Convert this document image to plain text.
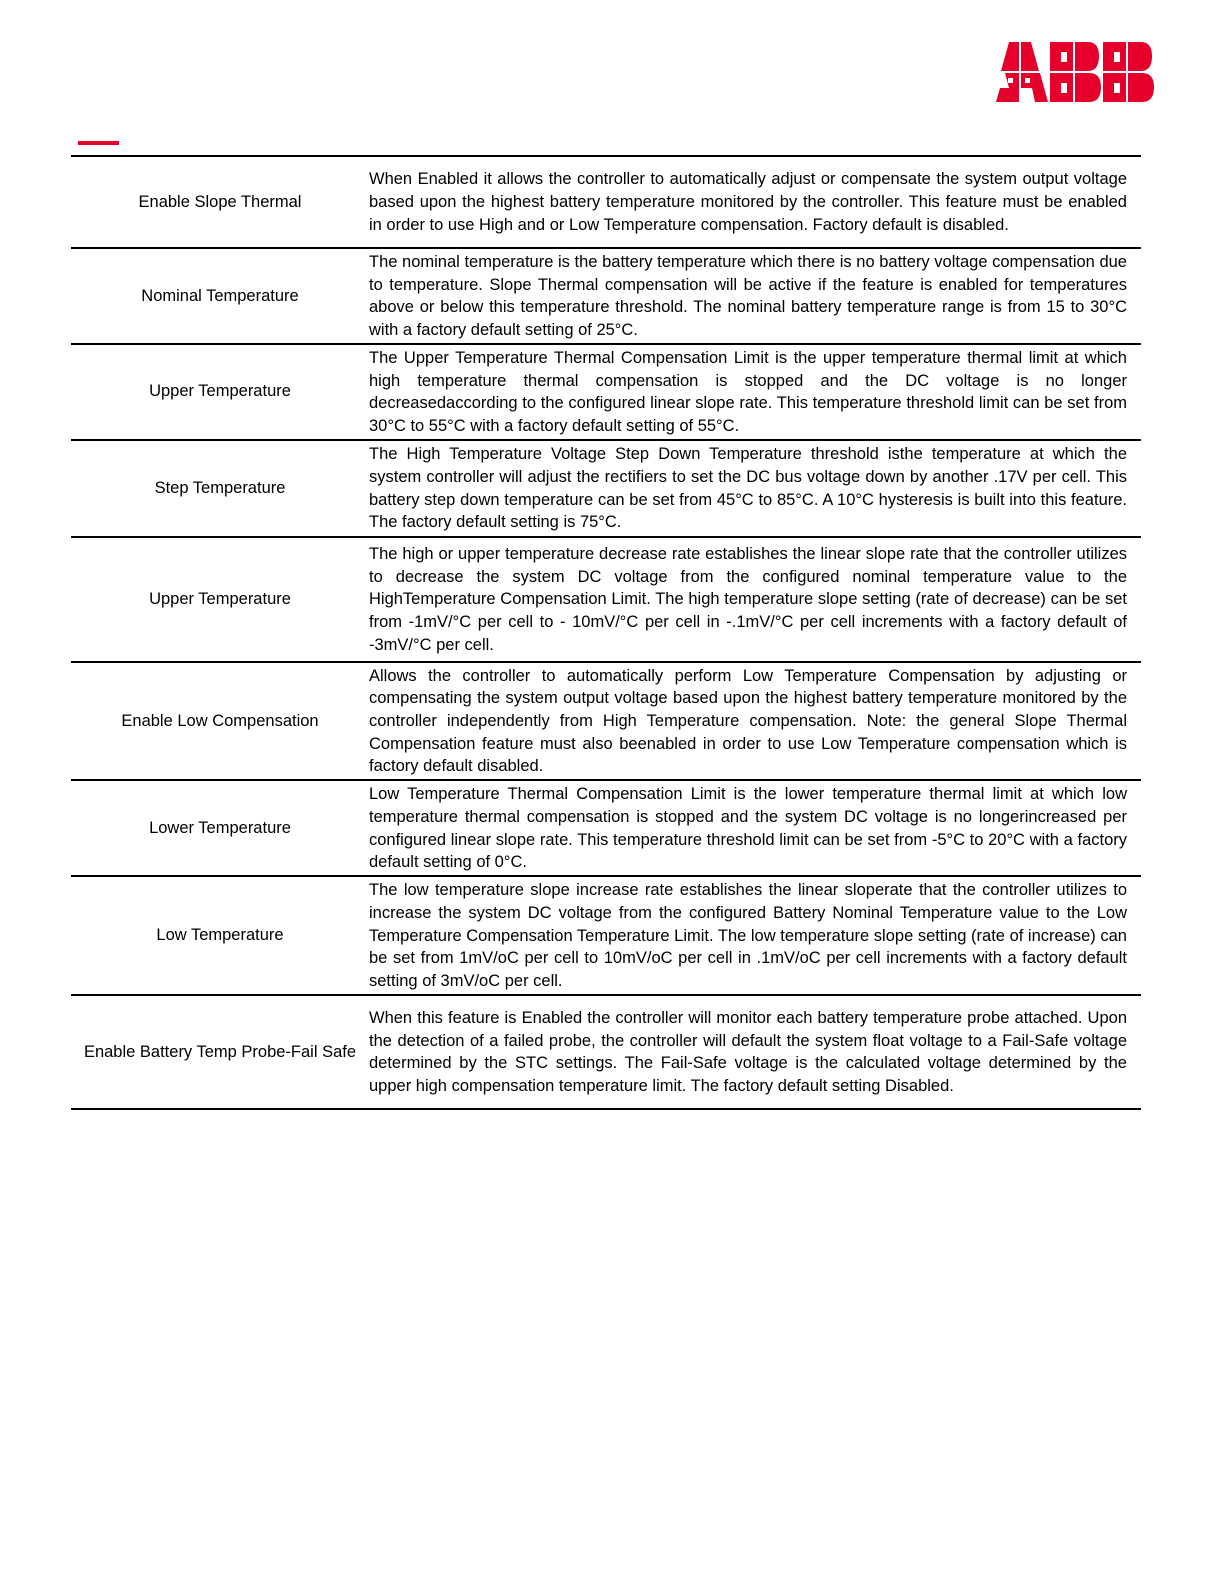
Enable Slope Thermal	When Enabled it allows the controller to automatically adjust or compensate the system output voltage based upon the highest battery temperature monitored by the controller. This feature must be enabled in order to use High and or Low Temperature compensation. Factory default is disabled.
Nominal Temperature	The nominal temperature is the battery temperature which there is no battery voltage compensation due to temperature. Slope Thermal compensation will be active if the feature is enabled for temperatures above or below this temperature threshold. The nominal battery temperature range is from 15 to 30°C with a factory default setting of 25°C.
Upper Temperature	The Upper Temperature Thermal Compensation Limit is the upper temperature thermal limit at which high temperature thermal compensation is stopped and the DC voltage is no longer decreasedaccording to the configured linear slope rate. This temperature threshold limit can be set from 30°C to 55°C with a factory default setting of 55°C.
Step Temperature	The High Temperature Voltage Step Down Temperature threshold isthe temperature at which the system controller will adjust the rectifiers to set the DC bus voltage down by another .17V per cell. This battery step down temperature can be set from 45°C to 85°C. A 10°C hysteresis is built into this feature. The factory default setting is 75°C.
Upper Temperature	The high or upper temperature decrease rate establishes the linear slope rate that the controller utilizes to decrease the system DC voltage from the configured nominal temperature value to the HighTemperature Compensation Limit. The high temperature slope setting (rate of decrease) can be set from -1mV/°C per cell to - 10mV/°C per cell in -.1mV/°C per cell increments with a factory default of -3mV/°C per cell.
Enable Low Compensation	Allows the controller to automatically perform Low Temperature Compensation by adjusting or compensating the system output voltage based upon the highest battery temperature monitored by the controller independently from High Temperature compensation. Note: the general Slope Thermal Compensation feature must also beenabled in order to use Low Temperature compensation which is factory default disabled.
Lower Temperature	Low Temperature Thermal Compensation Limit is the lower temperature thermal limit at which low temperature thermal compensation is stopped and the system DC voltage is no longerincreased per configured linear slope rate. This temperature threshold limit can be set from -5°C to 20°C with a factory default setting of 0°C.
Low Temperature	The low temperature slope increase rate establishes the linear sloperate that the controller utilizes to increase the system DC voltage from the configured Battery Nominal Temperature value to the Low Temperature Compensation Temperature Limit. The low temperature slope setting (rate of increase) can be set from 1mV/oC per cell to 10mV/oC per cell in .1mV/oC per cell increments with a factory default setting of 3mV/oC per cell.
Enable Battery Temp Probe-Fail Safe	When this feature is Enabled the controller will monitor each battery temperature probe attached. Upon the detection of a failed probe, the controller will default the system float voltage to a Fail-Safe voltage determined by the STC settings. The Fail-Safe voltage is the calculated voltage determined by the upper high compensation temperature limit. The factory default setting Disabled.
